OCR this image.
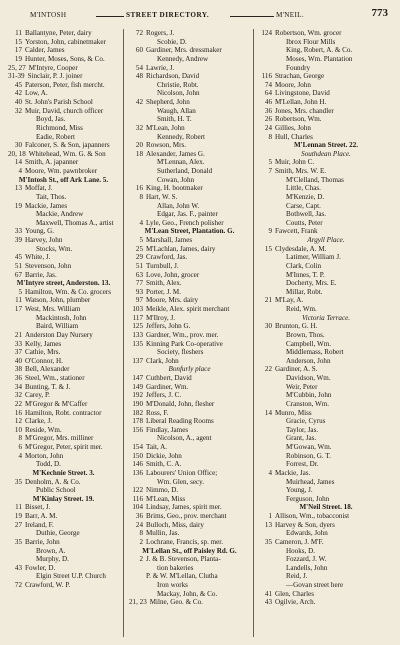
M'INTOSH	STREET DIRECTORY.	M'NEIL.	773
11 Ballantyne, Peter, dairy
15 Yorston, John, cabinetmaker
17 Calder, James
19 Hunter, Moses, Sons, & Co.
25, 27 M'Intyre, Cooper
31-39 Sinclair, P. J. joiner
45 Paterson, Peter, fish mercht.
42 Low, A.
40 St. John's Parish School
32 Muir, David, church officer
Boyd, Jas.
Richmond, Miss
Eadie, Robert
30 Falconer, S. & Son, japanners
20, 18 Whitehead, Wm. G. & Son
14 Smith, A. japanner
4 Moore, Wm. pawnbroker
M'Intosh St., off Ark Lane. 5.
13 Moffat, J.
Tait, Thos.
19 Mackie, James
Mackie, Andrew
Maxwell, Thomas A., artist
33 Young, G.
39 Harvey, John
Stocks, Wm.
45 White, J.
51 Stevenson, John
67 Barrie, Jas.
M'Intyre street, Anderston. 13.
5 Hamilton, Wm. & Co. grocers
11 Watson, John, plumber
17 West, Mrs. William
Mackintosh, John
Baird, William
21 Anderston Day Nursery
33 Kelly, James
37 Cathie, Mrs.
40 O'Connor, H.
38 Bell, Alexander
36 Steel, Wm., stationer
34 Bunting, T. & J.
32 Carey, P.
22 M'Gregor & M'Caffer
16 Hamilton, Robt. contractor
12 Clarke, J.
10 Reside, Wm.
8 M'Gregor, Mrs. milliner
6 M'Gregor, Peter, spirit mer.
4 Morton, John
Todd, D.
M'Kechnie Street. 3.
35 Denholm, A. & Co.
Public School
M'Kinlay Street. 19.
11 Bisset, J.
19 Barr, A. M.
27 Ireland, F.
Duthie, George
35 Barrie, John
Brown, A.
Murphy, D.
43 Fowler, D.
Elgin Street U.P. Church
72 Crawford, W. P.
72 Rogers, J.
Scobie, D.
60 Gardiner, Mrs. dressmaker
Kennedy, Andrew
54 Lawrie, J.
48 Richardson, David
Christie, Robt.
Nicolson, John
42 Shepherd, John
Waugh, Allan
Smith, H. T.
32 M'Lean, John
Kennedy, Robert
20 Rowson, Mrs.
18 Alexander, James G.
M'Lennan, Alex.
Sutherland, Donald
Cowan, John
16 King, H. bootmaker
8 Hart, W. S.
Allan, John W.
Edgar, Jas. F., painter
4 Lyle, Geo., French polisher
M'Lean Street, Plantation. G.
5 Marshall, James
25 M'Lachlan, James, dairy
29 Crawford, Jas.
51 Turnbull, J.
63 Love, John, grocer
77 Smith, Alex.
93 Porter, J. M.
97 Moore, Mrs. dairy
103 Meikle, Alex. spirit merchant
117 M'Ilroy, J.
125 Jeffers, John G.
133 Gardner, Wm., prov. mer.
135 Kinning Park Co-operative
Society, fleshers
137 Clark, John
Bonfurly place
147 Cuthbert, David
149 Gardiner, Wm.
192 Jeffers, J. C.
190 M'Donald, John, flesher
182 Ross, F.
178 Liberal Reading Rooms
156 Findlay, James
Nicolson, A., agent
154 Tait, A.
150 Dickie, John
146 Smith, C. A.
136 Labourers' Union Office;
Wm. Glen, secy.
122 Nimmo, D.
116 M'Lean, Miss
104 Lindsay, James, spirit mer.
36 Brims, Geo., prov. merchant
24 Bulloch, Miss, dairy
8 Mullin, Jas.
2 Lochrane, Francis, sp. mer.
M'Lellan St., off Paisley Rd. G.
2 J. & B. Stevenson, Planta-
tion bakeries
P. & W. M'Lellan, Clutha
Iron works
Mackay, John, & Co.
21, 23 Milne, Geo. & Co.
124 Robertson, Wm. grocer
Ibrox Flour Mills
King, Robert, A. & Co.
Moses, Wm. Plantation
Foundry
116 Strachan, George
74 Moore, John
64 Livingstone, David
46 M'Lellan, John H.
36 Jones, Mrs. chandler
26 Robertson, Wm.
24 Gillies, John
8 Hull, Charles
M'Lennan Street. 22.
Southdean Place.
5 Muir, John C.
7 Smith, Mrs. W. E.
M'Clelland, Thomas
Little, Chas.
M'Kenzie, D.
Carse, Capt.
Bothwell, Jas.
Coutts, Peter
9 Fawcett, Frank
Argyll Place.
15 Clydesdale, A. M.
Latimer, William J.
Clark, Colin
M'Innes, T. P.
Docherty, Mrs. E.
Millar, Robt.
21 M'Lay, A.
Reid, Wm.
Victoria Terrace.
30 Brunton, G. H.
Brown, Thos.
Campbell, Wm.
Middlemass, Robert
Anderson, John
22 Gardiner, A. S.
Davidson, Wm.
Weir, Peter
M'Cubbin, John
Cranston, Wm.
14 Munro, Miss
Gracie, Cyrus
Taylor, Jas.
Grant, Jas.
M'Gowan, Wm.
Robinson, G. T.
Forrest, Dr.
4 Mackie, Jas.
Muirhead, James
Young, J.
Ferguson, John
M'Neil Street. 18.
1 Allison, Wm., tobacconist
13 Harvey & Son, dyers
Edwards, John
35 Cameron, J. M'F.
Hooks, D.
Fozzard, J. W.
Landells, John
Reid, J.
—Govan street here
41 Glen, Charles
43 Ogilvie, Arch.
